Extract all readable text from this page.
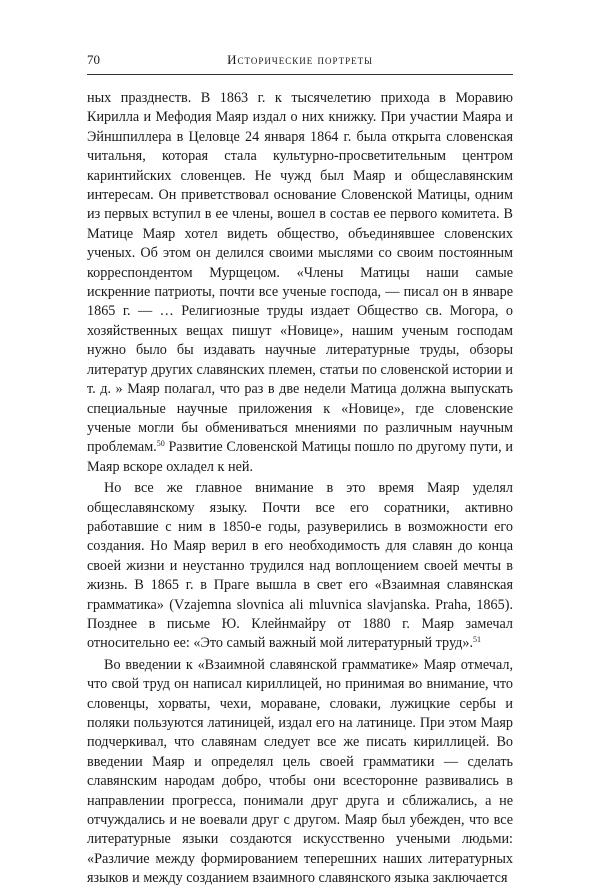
70	Исторические портреты

ных празднеств. В 1863 г. к тысячелетию прихода в Моравию Кирилла и Мефодия Маяр издал о них книжку. При участии Маяра и Эйншпиллера в Целовце 24 января 1864 г. была открыта словенская читальня, которая стала культурно-просветительным центром каринтийских словенцев. Не чужд был Маяр и общеславянским интересам. Он приветствовал основание Словенской Матицы, одним из первых вступил в ее члены, вошел в состав ее первого комитета. В Матице Маяр хотел видеть общество, объединявшее словенских ученых. Об этом он делился своими мыслями со своим постоянным корреспондентом Мурщецом. «Члены Матицы наши самые искренние патриоты, почти все ученые господа, — писал он в январе 1865 г. — … Религиозные труды издает Общество св. Могора, о хозяйственных вещах пишут «Новице», нашим ученым господам нужно было бы издавать научные литературные труды, обзоры литератур других славянских племен, статьи по словенской истории и т. д. » Маяр полагал, что раз в две недели Матица должна выпускать специальные научные приложения к «Новице», где словенские ученые могли бы обмениваться мнениями по различным научным проблемам.$^{50}$ Развитие Словенской Матицы пошло по другому пути, и Маяр вскоре охладел к ней.

Но все же главное внимание в это время Маяр уделял общеславянскому языку. Почти все его соратники, активно работавшие с ним в 1850-е годы, разуверились в возможности его создания. Но Маяр верил в его необходимость для славян до конца своей жизни и неустанно трудился над воплощением своей мечты в жизнь. В 1865 г. в Праге вышла в свет его «Взаимная славянская грамматика» (Vzajemna slovnica ali mluvnica slavjanska. Praha, 1865). Позднее в письме Ю. Клейнмайру от 1880 г. Маяр замечал относительно ее: «Это самый важный мой литературный труд».$^{51}$

Во введении к «Взаимной славянской грамматике» Маяр отмечал, что свой труд он написал кириллицей, но принимая во внимание, что словенцы, хорваты, чехи, мораване, словаки, лужицкие сербы и поляки пользуются латиницей, издал его на латинице. При этом Маяр подчеркивал, что славянам следует все же писать кириллицей. Во введении Маяр и определял цель своей грамматики — сделать славянским народам добро, чтобы они всесторонне развивались в направлении прогресса, понимали друг друга и сближались, а не отчуждались и не воевали друг с другом. Маяр был убежден, что все литературные языки создаются искусственно учеными людьми: «Различие между формированием теперешних наших литературных языков и между созданием взаимного славянского языка заключается
